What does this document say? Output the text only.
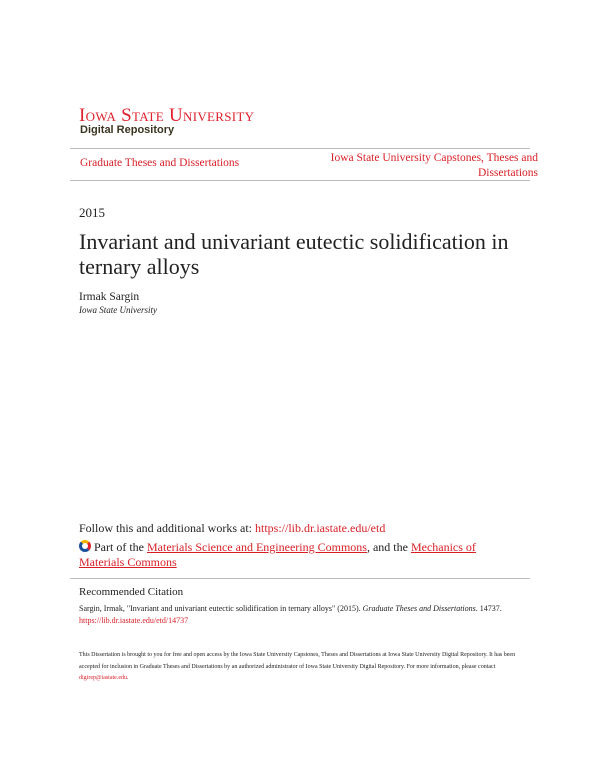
Iowa State University
Digital Repository
Graduate Theses and Dissertations	Iowa State University Capstones, Theses and Dissertations
2015
Invariant and univariant eutectic solidification in ternary alloys
Irmak Sargin
Iowa State University
Follow this and additional works at: https://lib.dr.iastate.edu/etd
Part of the Materials Science and Engineering Commons, and the Mechanics of Materials Commons
Recommended Citation
Sargin, Irmak, "Invariant and univariant eutectic solidification in ternary alloys" (2015). Graduate Theses and Dissertations. 14737.
https://lib.dr.iastate.edu/etd/14737
This Dissertation is brought to you for free and open access by the Iowa State University Capstones, Theses and Dissertations at Iowa State University Digital Repository. It has been accepted for inclusion in Graduate Theses and Dissertations by an authorized administrator of Iowa State University Digital Repository. For more information, please contact digirep@iastate.edu.
